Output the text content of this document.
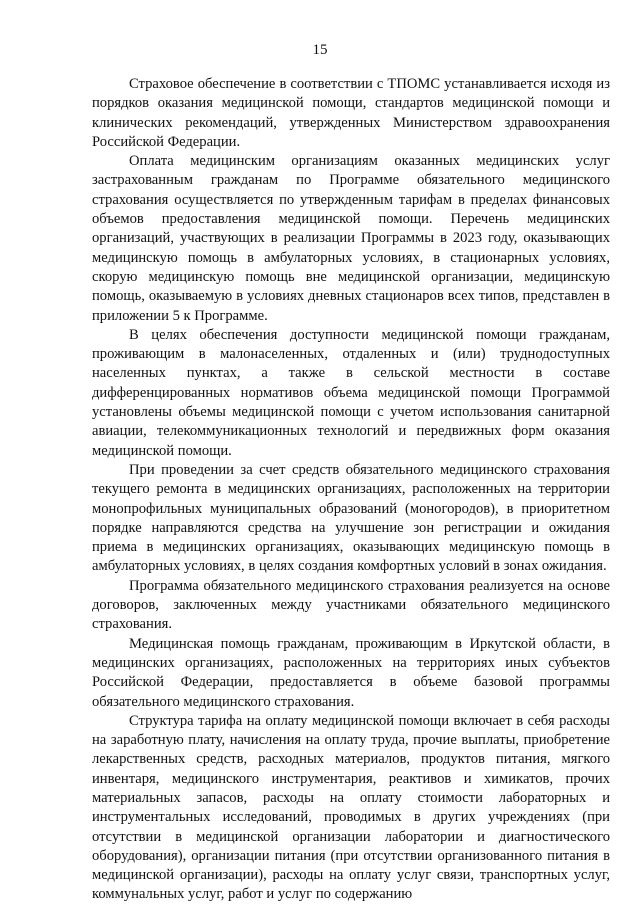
15

Страховое обеспечение в соответствии с ТПОМС устанавливается исходя из порядков оказания медицинской помощи, стандартов медицинской помощи и клинических рекомендаций, утвержденных Министерством здравоохранения Российской Федерации.

Оплата медицинским организациям оказанных медицинских услуг застрахованным гражданам по Программе обязательного медицинского страхования осуществляется по утвержденным тарифам в пределах финансовых объемов предоставления медицинской помощи. Перечень медицинских организаций, участвующих в реализации Программы в 2023 году, оказывающих медицинскую помощь в амбулаторных условиях, в стационарных условиях, скорую медицинскую помощь вне медицинской организации, медицинскую помощь, оказываемую в условиях дневных стационаров всех типов, представлен в приложении 5 к Программе.

В целях обеспечения доступности медицинской помощи гражданам, проживающим в малонаселенных, отдаленных и (или) труднодоступных населенных пунктах, а также в сельской местности в составе дифференцированных нормативов объема медицинской помощи Программой установлены объемы медицинской помощи с учетом использования санитарной авиации, телекоммуникационных технологий и передвижных форм оказания медицинской помощи.

При проведении за счет средств обязательного медицинского страхования текущего ремонта в медицинских организациях, расположенных на территории монопрофильных муниципальных образований (моногородов), в приоритетном порядке направляются средства на улучшение зон регистрации и ожидания приема в медицинских организациях, оказывающих медицинскую помощь в амбулаторных условиях, в целях создания комфортных условий в зонах ожидания.

Программа обязательного медицинского страхования реализуется на основе договоров, заключенных между участниками обязательного медицинского страхования.

Медицинская помощь гражданам, проживающим в Иркутской области, в медицинских организациях, расположенных на территориях иных субъектов Российской Федерации, предоставляется в объеме базовой программы обязательного медицинского страхования.

Структура тарифа на оплату медицинской помощи включает в себя расходы на заработную плату, начисления на оплату труда, прочие выплаты, приобретение лекарственных средств, расходных материалов, продуктов питания, мягкого инвентаря, медицинского инструментария, реактивов и химикатов, прочих материальных запасов, расходы на оплату стоимости лабораторных и инструментальных исследований, проводимых в других учреждениях (при отсутствии в медицинской организации лаборатории и диагностического оборудования), организации питания (при отсутствии организованного питания в медицинской организации), расходы на оплату услуг связи, транспортных услуг, коммунальных услуг, работ и услуг по содержанию
